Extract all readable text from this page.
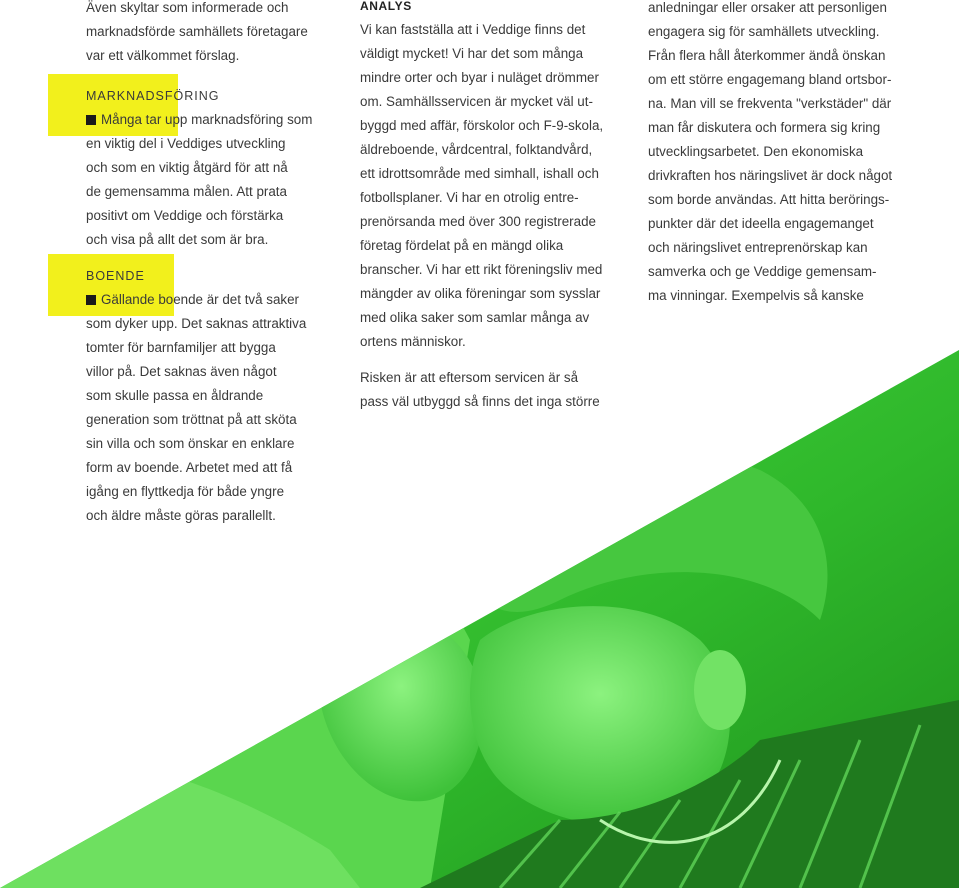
Även skyltar som informerade och
marknadsförde samhällets företagare
var ett välkommet förslag.
MARKNADSFÖRING
Många tar upp marknadsföring som
en viktig del i Veddiges utveckling
och som en viktig åtgärd för att nå
de gemensamma målen. Att prata
positivt om Veddige och förstärka
och visa på allt det som är bra.
BOENDE
Gällande boende är det två saker
som dyker upp. Det saknas attraktiva
tomter för barnfamiljer att bygga
villor på. Det saknas även något
som skulle passa en åldrande
generation som tröttnat på att sköta
sin villa och som önskar en enklare
form av boende. Arbetet med att få
igång en flyttkedja för både yngre
och äldre måste göras parallellt.
ANALYS
Vi kan fastställa att i Veddige finns det
väldigt mycket! Vi har det som många
mindre orter och byar i nuläget drömmer
om. Samhällsservicen är mycket väl ut-
byggd med affär, förskolor och F-9-skola,
äldreboende, vårdcentral, folktandvård,
ett idrottsområde med simhall, ishall och
fotbollsplaner. Vi har en otrolig entre-
prenörsanda med över 300 registrerade
företag fördelat på en mängd olika
branscher. Vi har ett rikt föreningsliv med
mängder av olika föreningar som sysslar
med olika saker som samlar många av
ortens människor.
Risken är att eftersom servicen är så
pass väl utbyggd så finns det inga större
anledningar eller orsaker att personligen
engagera sig för samhällets utveckling.
Från flera håll återkommer ändå önskan
om ett större engagemang bland ortsbor-
na. Man vill se frekventa "verkstäder" där
man får diskutera och formera sig kring
utvecklingsarbetet. Den ekonomiska
drivkraften hos näringslivet är dock något
som borde användas. Att hitta berörings-
punkter där det ideella engagemanget
och näringslivet entreprenörskap kan
samverka och ge Veddige gemensam-
ma vinningar. Exempelvis så kanske
